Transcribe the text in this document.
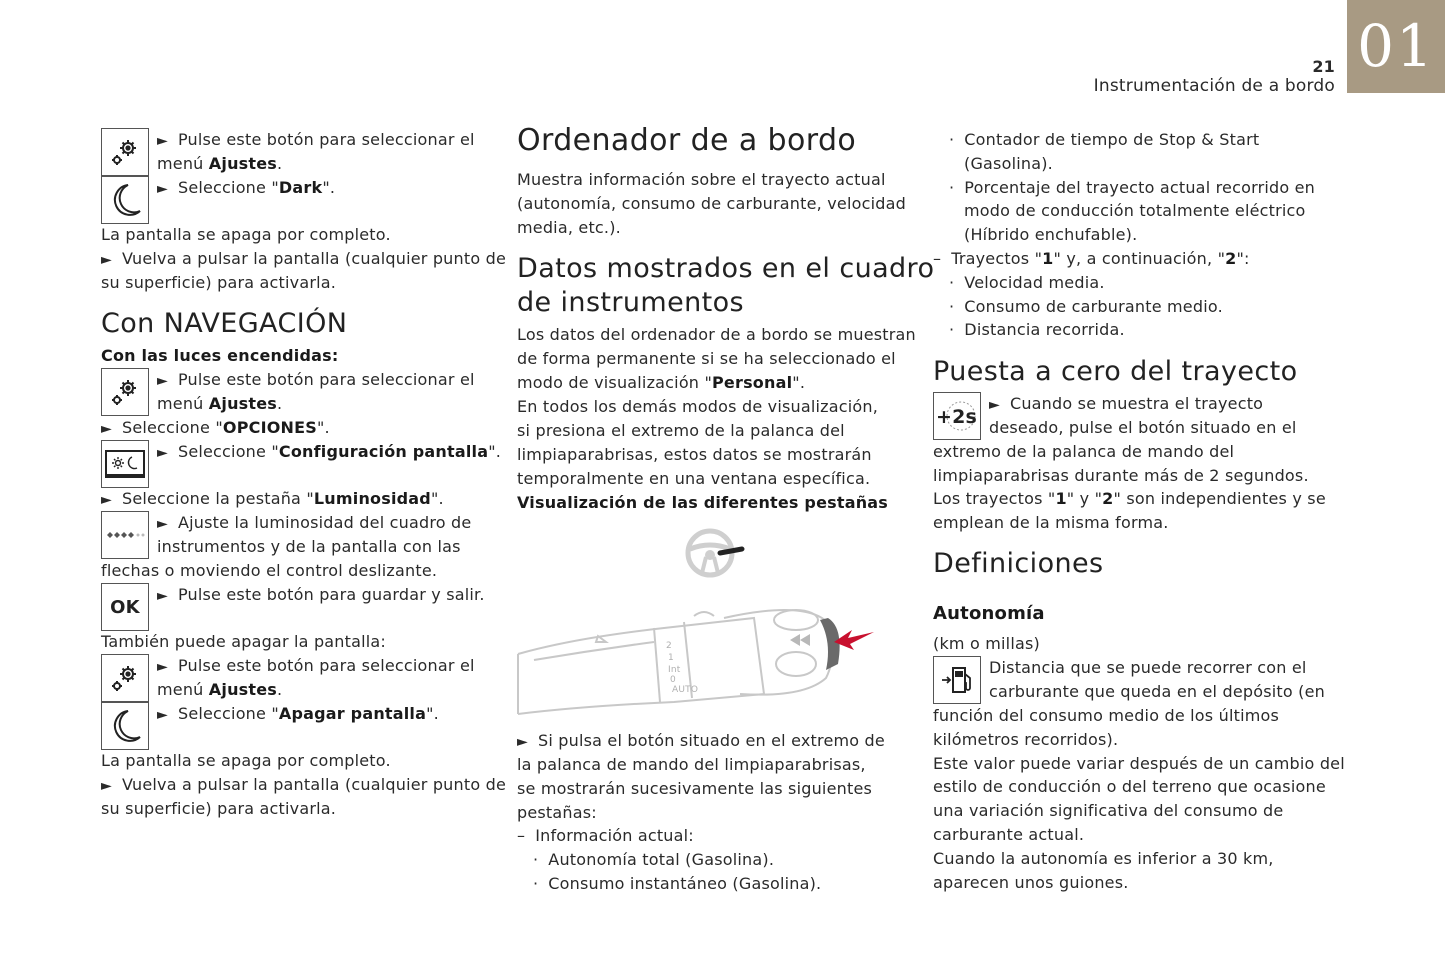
01
21
Instrumentación de a bordo
► Pulse este botón para seleccionar el
menú Ajustes.
► Seleccione "Dark".
La pantalla se apaga por completo.
► Vuelva a pulsar la pantalla (cualquier punto de
su superficie) para activarla.
Con NAVEGACIÓN
Con las luces encendidas:
► Pulse este botón para seleccionar el
menú Ajustes.
► Seleccione "OPCIONES".
► Seleccione "Configuración pantalla".
► Seleccione la pestaña "Luminosidad".
► Ajuste la luminosidad del cuadro de
instrumentos y de la pantalla con las
flechas o moviendo el control deslizante.
OK
► Pulse este botón para guardar y salir.
También puede apagar la pantalla:
► Pulse este botón para seleccionar el
menú Ajustes.
► Seleccione "Apagar pantalla".
La pantalla se apaga por completo.
► Vuelva a pulsar la pantalla (cualquier punto de
su superficie) para activarla.
Ordenador de a bordo
Muestra información sobre el trayecto actual
(autonomía, consumo de carburante, velocidad
media, etc.).
Datos mostrados en el cuadro
de instrumentos
Los datos del ordenador de a bordo se muestran
de forma permanente si se ha seleccionado el
modo de visualización "Personal".
En todos los demás modos de visualización,
si presiona el extremo de la palanca del
limpiaparabrisas, estos datos se mostrarán
temporalmente en una ventana específica.
Visualización de las diferentes pestañas
2
1
Int
0
AUTO
► Si pulsa el botón situado en el extremo de
la palanca de mando del limpiaparabrisas,
se mostrarán sucesivamente las siguientes
pestañas:
– Información actual:
· Autonomía total (Gasolina).
· Consumo instantáneo (Gasolina).
· Contador de tiempo de Stop & Start
(Gasolina).
· Porcentaje del trayecto actual recorrido en
modo de conducción totalmente eléctrico
(Híbrido enchufable).
– Trayectos "1" y, a continuación, "2":
· Velocidad media.
· Consumo de carburante medio.
· Distancia recorrida.
Puesta a cero del trayecto
+2s
► Cuando se muestra el trayecto
deseado, pulse el botón situado en el
extremo de la palanca de mando del
limpiaparabrisas durante más de 2 segundos.
Los trayectos "1" y "2" son independientes y se
emplean de la misma forma.
Definiciones
Autonomía
(km o millas)
Distancia que se puede recorrer con el
carburante que queda en el depósito (en
función del consumo medio de los últimos
kilómetros recorridos).
Este valor puede variar después de un cambio del
estilo de conducción o del terreno que ocasione
una variación significativa del consumo de
carburante actual.
Cuando la autonomía es inferior a 30 km,
aparecen unos guiones.
